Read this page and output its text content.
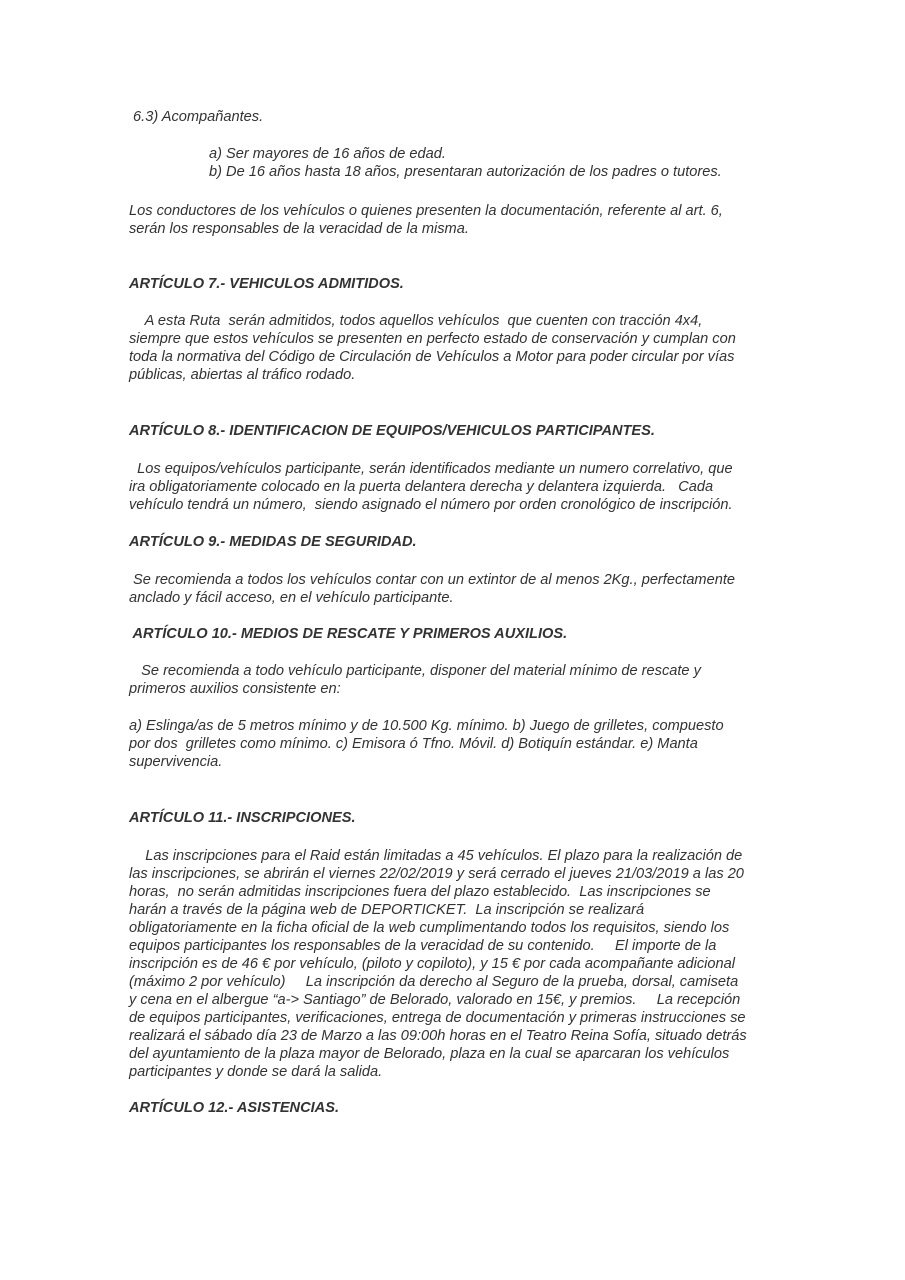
6.3) Acompañantes.

a) Ser mayores de 16 años de edad.
b) De 16 años hasta 18 años, presentaran autorización de los padres o tutores.
Los conductores de los vehículos o quienes presenten la documentación, referente al art. 6,
serán los responsables de la veracidad de la misma.
ARTÍCULO 7.- VEHICULOS ADMITIDOS.
A esta Ruta  serán admitidos, todos aquellos vehículos  que cuenten con tracción 4x4,
siempre que estos vehículos se presenten en perfecto estado de conservación y cumplan con
toda la normativa del Código de Circulación de Vehículos a Motor para poder circular por vías
públicas, abiertas al tráfico rodado.
ARTÍCULO 8.- IDENTIFICACION DE EQUIPOS/VEHICULOS PARTICIPANTES.
Los equipos/vehículos participante, serán identificados mediante un numero correlativo, que
ira obligatoriamente colocado en la puerta delantera derecha y delantera izquierda.   Cada
vehículo tendrá un número,  siendo asignado el número por orden cronológico de inscripción.
ARTÍCULO 9.- MEDIDAS DE SEGURIDAD.
Se recomienda a todos los vehículos contar con un extintor de al menos 2Kg., perfectamente
anclado y fácil acceso, en el vehículo participante.
ARTÍCULO 10.- MEDIOS DE RESCATE Y PRIMEROS AUXILIOS.
Se recomienda a todo vehículo participante, disponer del material mínimo de rescate y
primeros auxilios consistente en:
a) Eslinga/as de 5 metros mínimo y de 10.500 Kg. mínimo. b) Juego de grilletes, compuesto
por dos  grilletes como mínimo. c) Emisora ó Tfno. Móvil. d) Botiquín estándar. e) Manta
supervivencia.
ARTÍCULO 11.- INSCRIPCIONES.
Las inscripciones para el Raid están limitadas a 45 vehículos. El plazo para la realización de
las inscripciones, se abrirán el viernes 22/02/2019 y será cerrado el jueves 21/03/2019 a las 20
horas,  no serán admitidas inscripciones fuera del plazo establecido.  Las inscripciones se
harán a través de la página web de DEPORTICKET.  La inscripción se realizará
obligatoriamente en la ficha oficial de la web cumplimentando todos los requisitos, siendo los
equipos participantes los responsables de la veracidad de su contenido.     El importe de la
inscripción es de 46 € por vehículo, (piloto y copiloto), y 15 € por cada acompañante adicional
(máximo 2 por vehículo)     La inscripción da derecho al Seguro de la prueba, dorsal, camiseta
y cena en el albergue “a-> Santiago” de Belorado, valorado en 15€, y premios.     La recepción
de equipos participantes, verificaciones, entrega de documentación y primeras instrucciones se
realizará el sábado día 23 de Marzo a las 09:00h horas en el Teatro Reina Sofía, situado detrás
del ayuntamiento de la plaza mayor de Belorado, plaza en la cual se aparcaran los vehículos
participantes y donde se dará la salida.
ARTÍCULO 12.- ASISTENCIAS.
